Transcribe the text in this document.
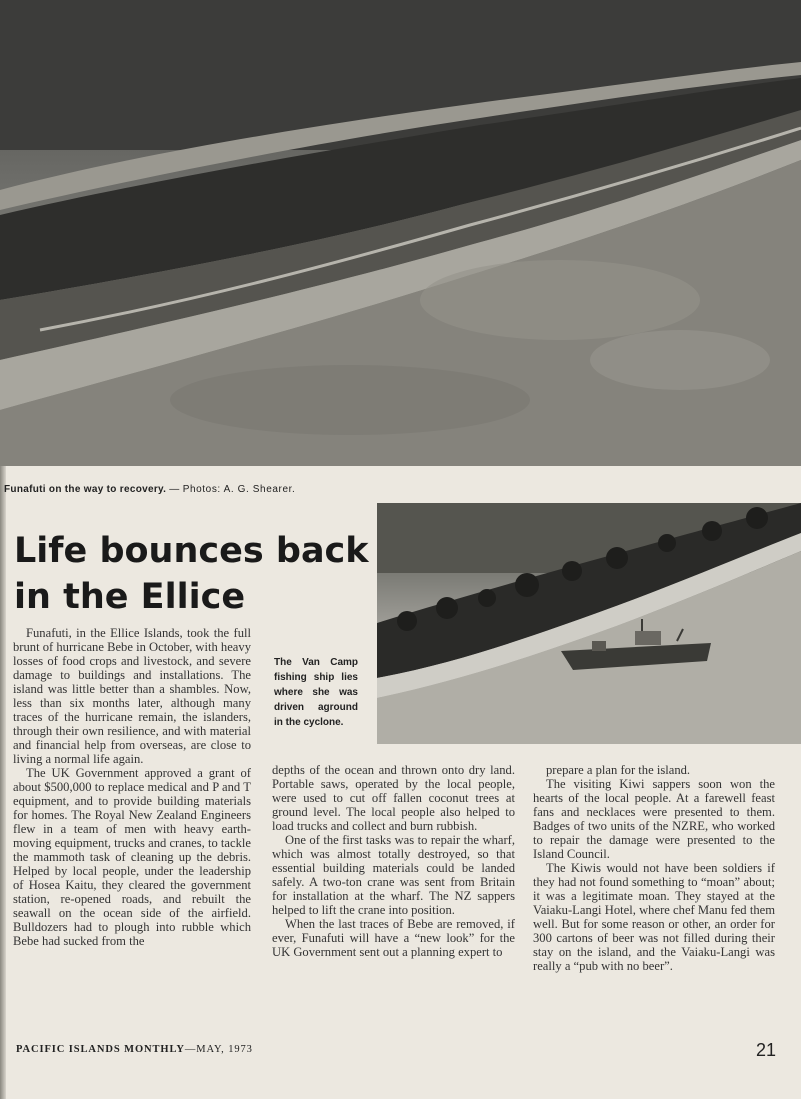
Funafuti on the way to recovery. — Photos: A. G. Shearer.
Life bounces back
in the Ellice
The Van Camp fishing ship lies where she was driven aground in the cyclone.

Funafuti, in the Ellice Islands, took the full brunt of hurricane Bebe in October, with heavy losses of food crops and livestock, and severe damage to buildings and installations. The island was little better than a shambles. Now, less than six months later, although many traces of the hurricane remain, the islanders, through their own resilience, and with material and financial help from overseas, are close to living a normal life again.

The UK Government approved a grant of about $500,000 to replace medical and P and T equipment, and to provide building materials for homes. The Royal New Zealand Engineers flew in a team of men with heavy earth-moving equipment, trucks and cranes, to tackle the mammoth task of cleaning up the debris. Helped by local people, under the leadership of Hosea Kaitu, they cleared the government station, re-opened roads, and rebuilt the seawall on the ocean side of the airfield. Bulldozers had to plough into rubble which Bebe had sucked from the

depths of the ocean and thrown onto dry land. Portable saws, operated by the local people, were used to cut off fallen coconut trees at ground level. The local people also helped to load trucks and collect and burn rubbish.

One of the first tasks was to repair the wharf, which was almost totally destroyed, so that essential building materials could be landed safely. A two-ton crane was sent from Britain for installation at the wharf. The NZ sappers helped to lift the crane into position.

When the last traces of Bebe are removed, if ever, Funafuti will have a “new look” for the UK Government sent out a planning expert to

prepare a plan for the island.

The visiting Kiwi sappers soon won the hearts of the local people. At a farewell feast fans and necklaces were presented to them. Badges of two units of the NZRE, who worked to repair the damage were presented to the Island Council.

The Kiwis would not have been soldiers if they had not found something to “moan” about; it was a legitimate moan. They stayed at the Vaiaku-Langi Hotel, where chef Manu fed them well. But for some reason or other, an order for 300 cartons of beer was not filled during their stay on the island, and the Vaiaku-Langi was really a “pub with no beer”.

PACIFIC ISLANDS MONTHLY—MAY, 1973	21
